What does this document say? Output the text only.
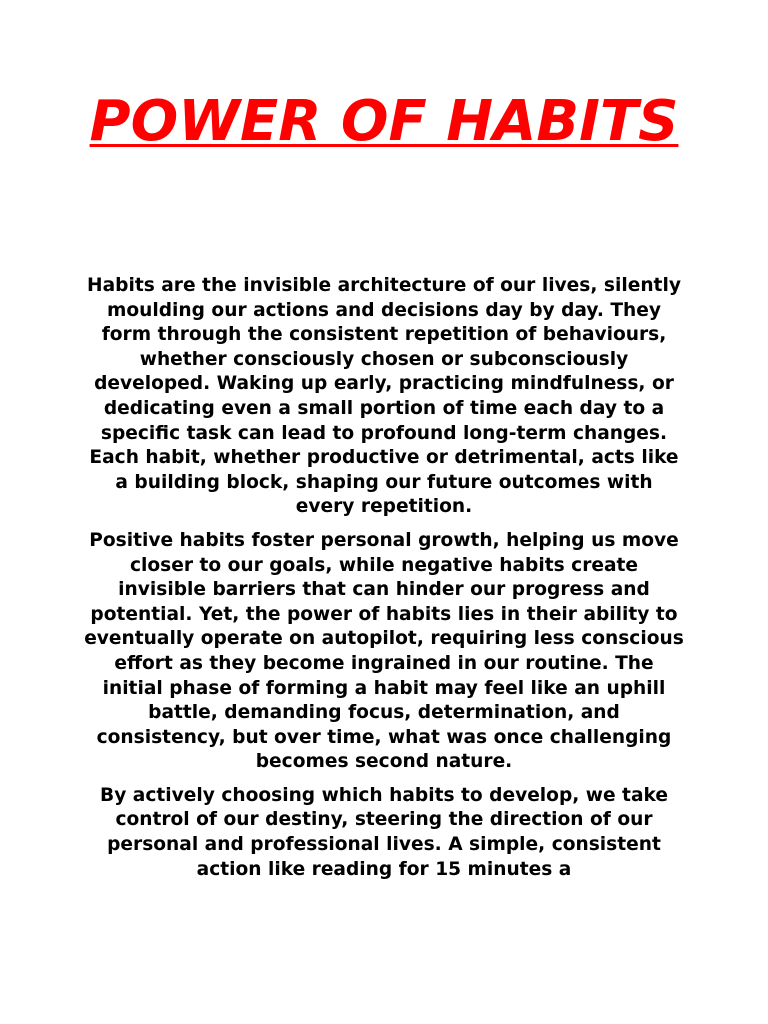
POWER OF HABITS

Habits are the invisible architecture of our lives, silently moulding our actions and decisions day by day. They form through the consistent repetition of behaviours, whether consciously chosen or subconsciously developed. Waking up early, practicing mindfulness, or dedicating even a small portion of time each day to a specific task can lead to profound long-term changes. Each habit, whether productive or detrimental, acts like a building block, shaping our future outcomes with every repetition.

Positive habits foster personal growth, helping us move closer to our goals, while negative habits create invisible barriers that can hinder our progress and potential. Yet, the power of habits lies in their ability to eventually operate on autopilot, requiring less conscious effort as they become ingrained in our routine. The initial phase of forming a habit may feel like an uphill battle, demanding focus, determination, and consistency, but over time, what was once challenging becomes second nature.

By actively choosing which habits to develop, we take control of our destiny, steering the direction of our personal and professional lives. A simple, consistent action like reading for 15 minutes a
